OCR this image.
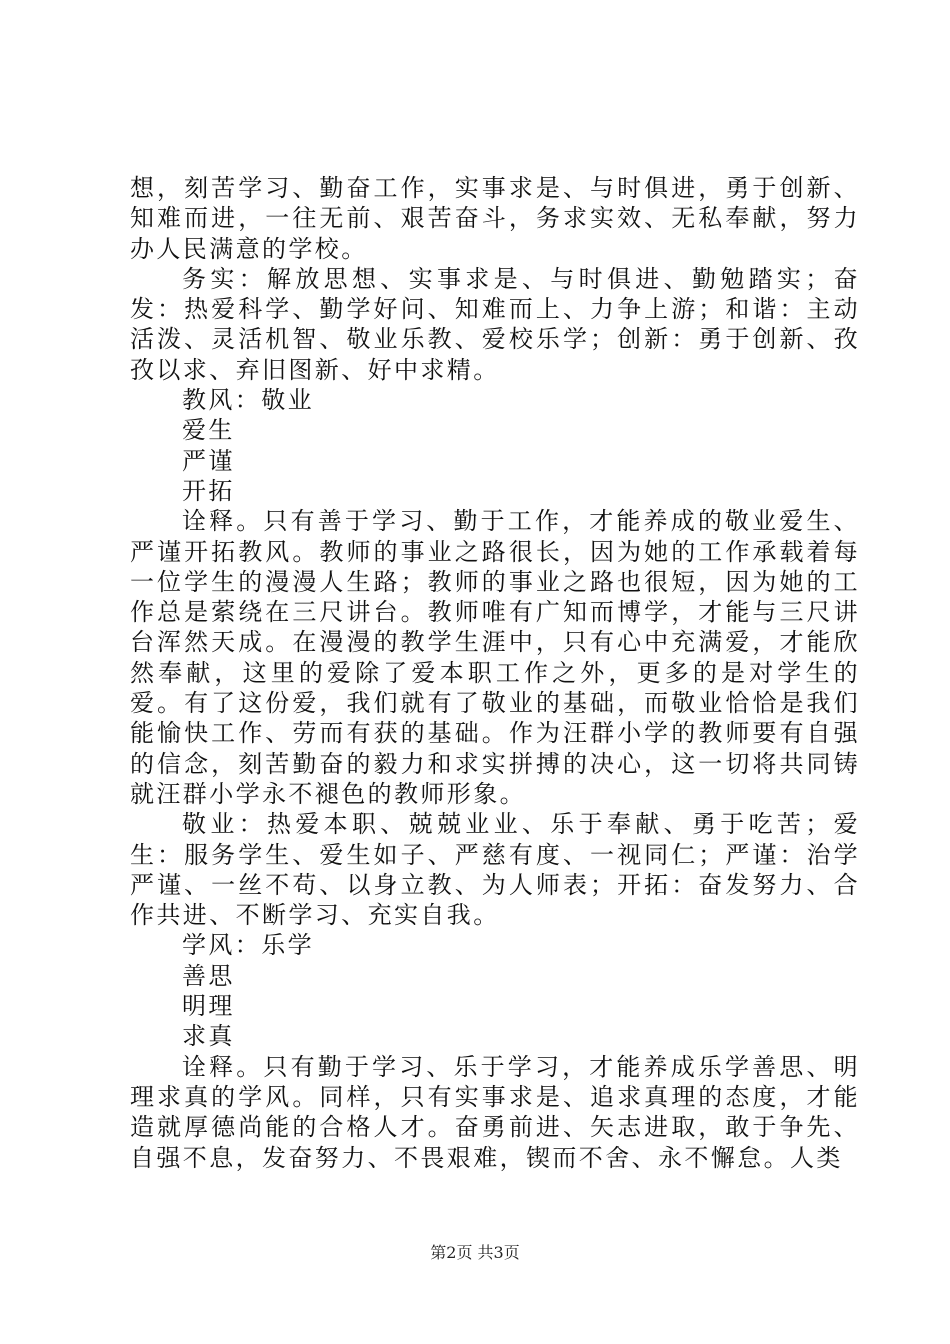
想，刻苦学习、勤奋工作，实事求是、与时俱进，勇于创新、知难而进，一往无前、艰苦奋斗，务求实效、无私奉献，努力办人民满意的学校。

务实：解放思想、实事求是、与时俱进、勤勉踏实；奋发：热爱科学、勤学好问、知难而上、力争上游；和谐：主动活泼、灵活机智、敬业乐教、爱校乐学；创新：勇于创新、孜孜以求、弃旧图新、好中求精。

教风：敬业

爱生

严谨

开拓

诠释。只有善于学习、勤于工作，才能养成的敬业爱生、严谨开拓教风。教师的事业之路很长，因为她的工作承载着每一位学生的漫漫人生路；教师的事业之路也很短，因为她的工作总是萦绕在三尺讲台。教师唯有广知而博学，才能与三尺讲台浑然天成。在漫漫的教学生涯中，只有心中充满爱，才能欣然奉献，这里的爱除了爱本职工作之外，更多的是对学生的爱。有了这份爱，我们就有了敬业的基础，而敬业恰恰是我们能愉快工作、劳而有获的基础。作为汪群小学的教师要有自强的信念，刻苦勤奋的毅力和求实拼搏的决心，这一切将共同铸就汪群小学永不褪色的教师形象。

敬业：热爱本职、兢兢业业、乐于奉献、勇于吃苦；爱生：服务学生、爱生如子、严慈有度、一视同仁；严谨：治学严谨、一丝不苟、以身立教、为人师表；开拓：奋发努力、合作共进、不断学习、充实自我。

学风：乐学

善思

明理

求真

诠释。只有勤于学习、乐于学习，才能养成乐学善思、明理求真的学风。同样，只有实事求是、追求真理的态度，才能造就厚德尚能的合格人才。奋勇前进、矢志进取，敢于争先、自强不息，发奋努力、不畏艰难，锲而不舍、永不懈怠。人类

第2页 共3页
